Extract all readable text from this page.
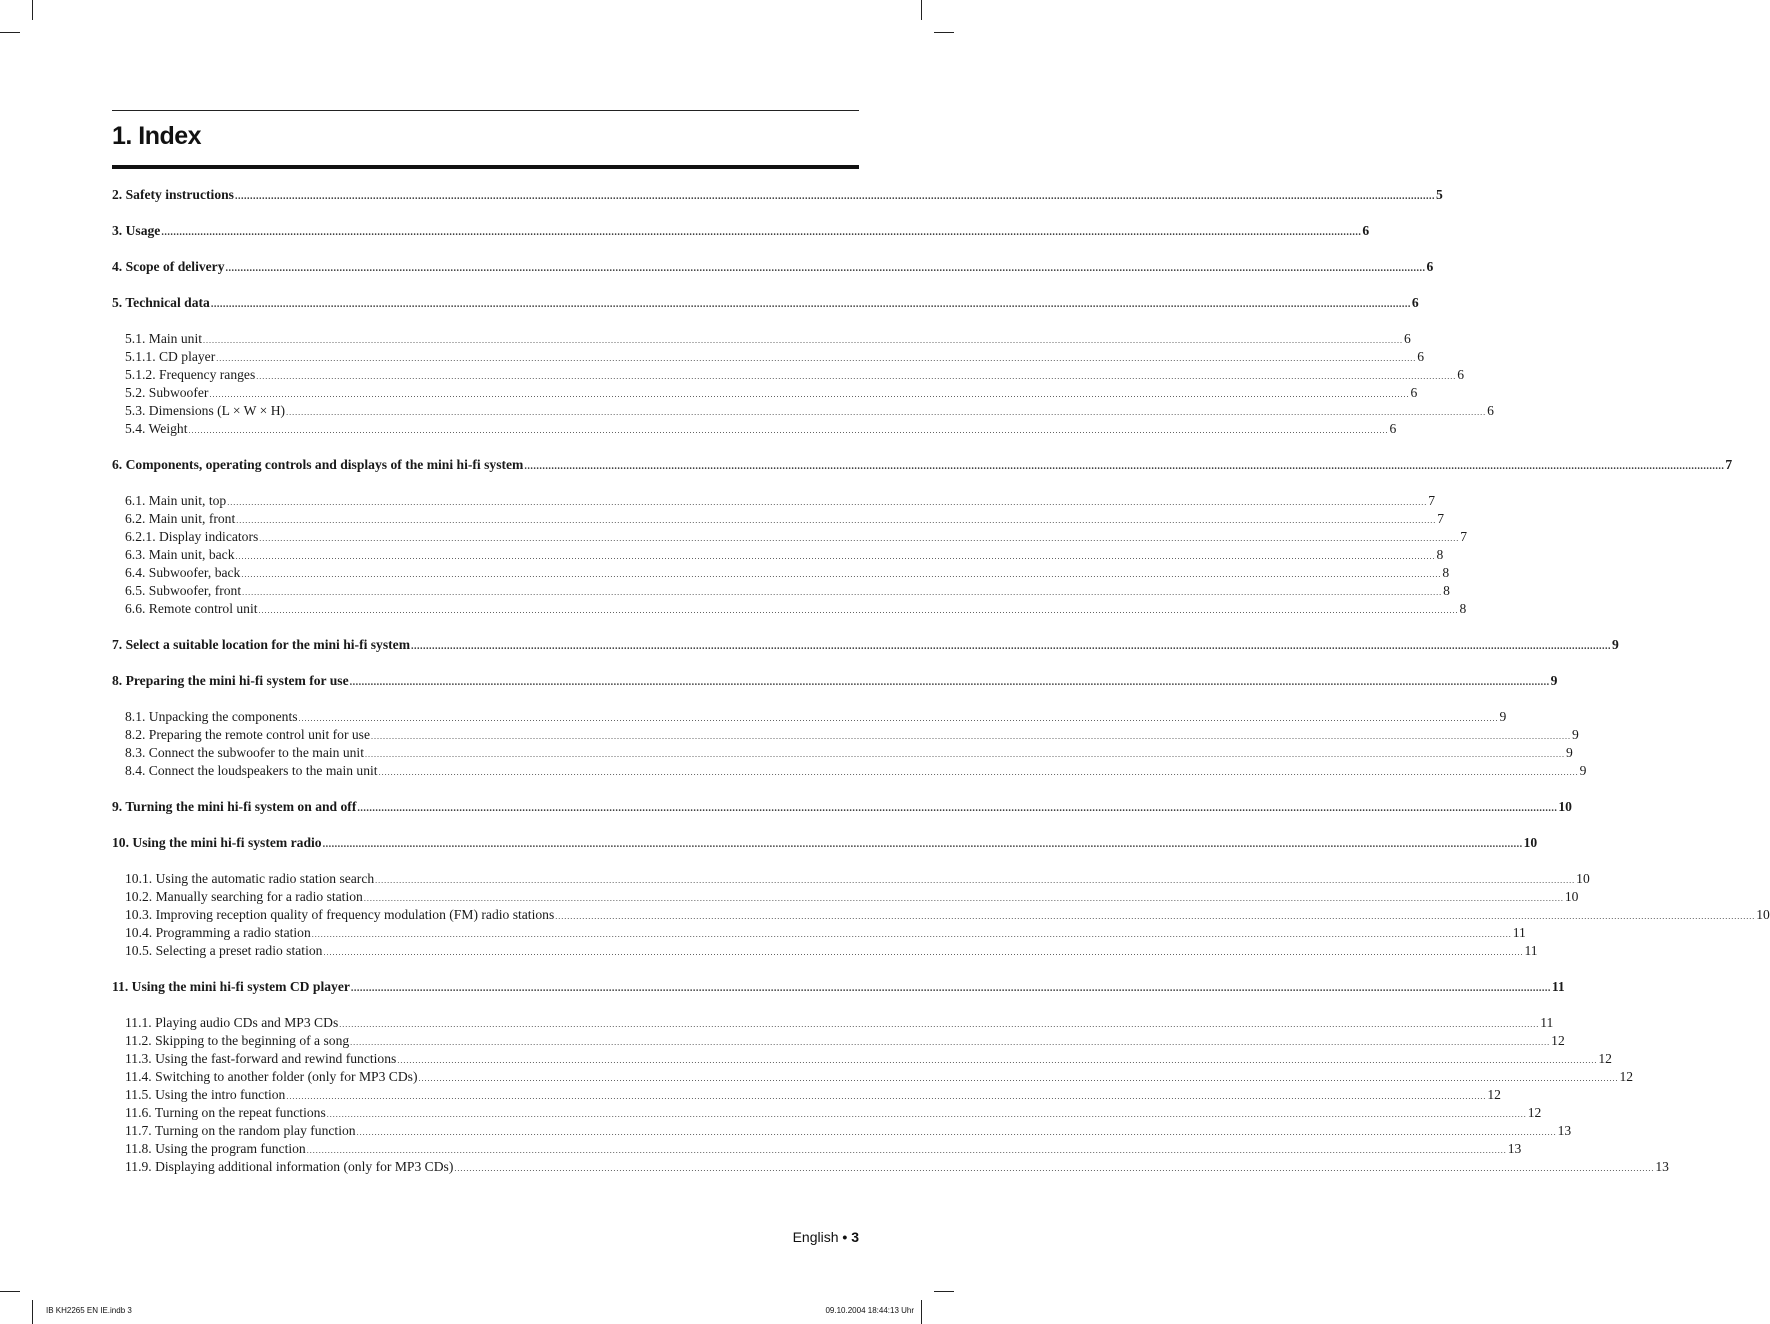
1. Index
2. Safety instructions ................................................................................................................................................................................................................................................................................................................................................................................................................ 5
3. Usage ................................................................................................................................................................................................................................................................................................................................................................................................................ 6
4. Scope of delivery ................................................................................................................................................................................................................................................................................................................................................................................................................ 6
5. Technical data ................................................................................................................................................................................................................................................................................................................................................................................................................ 6
5.1. Main unit ................................................................................................................................................................................................................................................................................................................................................................................................................ 6
5.1.1. CD player ................................................................................................................................................................................................................................................................................................................................................................................................................ 6
5.1.2. Frequency ranges ................................................................................................................................................................................................................................................................................................................................................................................................................ 6
5.2. Subwoofer ................................................................................................................................................................................................................................................................................................................................................................................................................ 6
5.3. Dimensions (L × W × H) ................................................................................................................................................................................................................................................................................................................................................................................................................ 6
5.4. Weight ................................................................................................................................................................................................................................................................................................................................................................................................................ 6
6. Components, operating controls and displays of the mini hi-fi system ................................................................................................................................................................................................................................................................................................................................................................................................................ 7
6.1. Main unit, top ................................................................................................................................................................................................................................................................................................................................................................................................................ 7
6.2. Main unit, front ................................................................................................................................................................................................................................................................................................................................................................................................................ 7
6.2.1. Display indicators ................................................................................................................................................................................................................................................................................................................................................................................................................ 7
6.3. Main unit, back ................................................................................................................................................................................................................................................................................................................................................................................................................ 8
6.4. Subwoofer, back ................................................................................................................................................................................................................................................................................................................................................................................................................ 8
6.5. Subwoofer, front ................................................................................................................................................................................................................................................................................................................................................................................................................ 8
6.6. Remote control unit ................................................................................................................................................................................................................................................................................................................................................................................................................ 8
7. Select a suitable location for the mini hi-fi system ................................................................................................................................................................................................................................................................................................................................................................................................................ 9
8. Preparing the mini hi-fi system for use ................................................................................................................................................................................................................................................................................................................................................................................................................ 9
8.1. Unpacking the components ................................................................................................................................................................................................................................................................................................................................................................................................................ 9
8.2. Preparing the remote control unit for use ................................................................................................................................................................................................................................................................................................................................................................................................................ 9
8.3. Connect the subwoofer to the main unit ................................................................................................................................................................................................................................................................................................................................................................................................................ 9
8.4. Connect the loudspeakers to the main unit ................................................................................................................................................................................................................................................................................................................................................................................................................ 9
9. Turning the mini hi-fi system on and off ................................................................................................................................................................................................................................................................................................................................................................................................................ 10
10. Using the mini hi-fi system radio ................................................................................................................................................................................................................................................................................................................................................................................................................ 10
10.1. Using the automatic radio station search ................................................................................................................................................................................................................................................................................................................................................................................................................ 10
10.2. Manually searching for a radio station ................................................................................................................................................................................................................................................................................................................................................................................................................ 10
10.3. Improving reception quality of frequency modulation (FM) radio stations ................................................................................................................................................................................................................................................................................................................................................................................................................ 10
10.4. Programming a radio station ................................................................................................................................................................................................................................................................................................................................................................................................................ 11
10.5. Selecting a preset radio station ................................................................................................................................................................................................................................................................................................................................................................................................................ 11
11. Using the mini hi-fi system CD player ................................................................................................................................................................................................................................................................................................................................................................................................................ 11
11.1. Playing audio CDs and MP3 CDs ................................................................................................................................................................................................................................................................................................................................................................................................................ 11
11.2. Skipping to the beginning of a song ................................................................................................................................................................................................................................................................................................................................................................................................................ 12
11.3. Using the fast-forward and rewind functions ................................................................................................................................................................................................................................................................................................................................................................................................................ 12
11.4. Switching to another folder (only for MP3 CDs) ................................................................................................................................................................................................................................................................................................................................................................................................................ 12
11.5. Using the intro function ................................................................................................................................................................................................................................................................................................................................................................................................................ 12
11.6. Turning on the repeat functions ................................................................................................................................................................................................................................................................................................................................................................................................................ 12
11.7. Turning on the random play function ................................................................................................................................................................................................................................................................................................................................................................................................................ 13
11.8. Using the program function ................................................................................................................................................................................................................................................................................................................................................................................................................ 13
11.9. Displaying additional information (only for MP3 CDs) ................................................................................................................................................................................................................................................................................................................................................................................................................ 13
English • 3
IB KH2265 EN IE.indb 3	09.10.2004 18:44:13 Uhr
